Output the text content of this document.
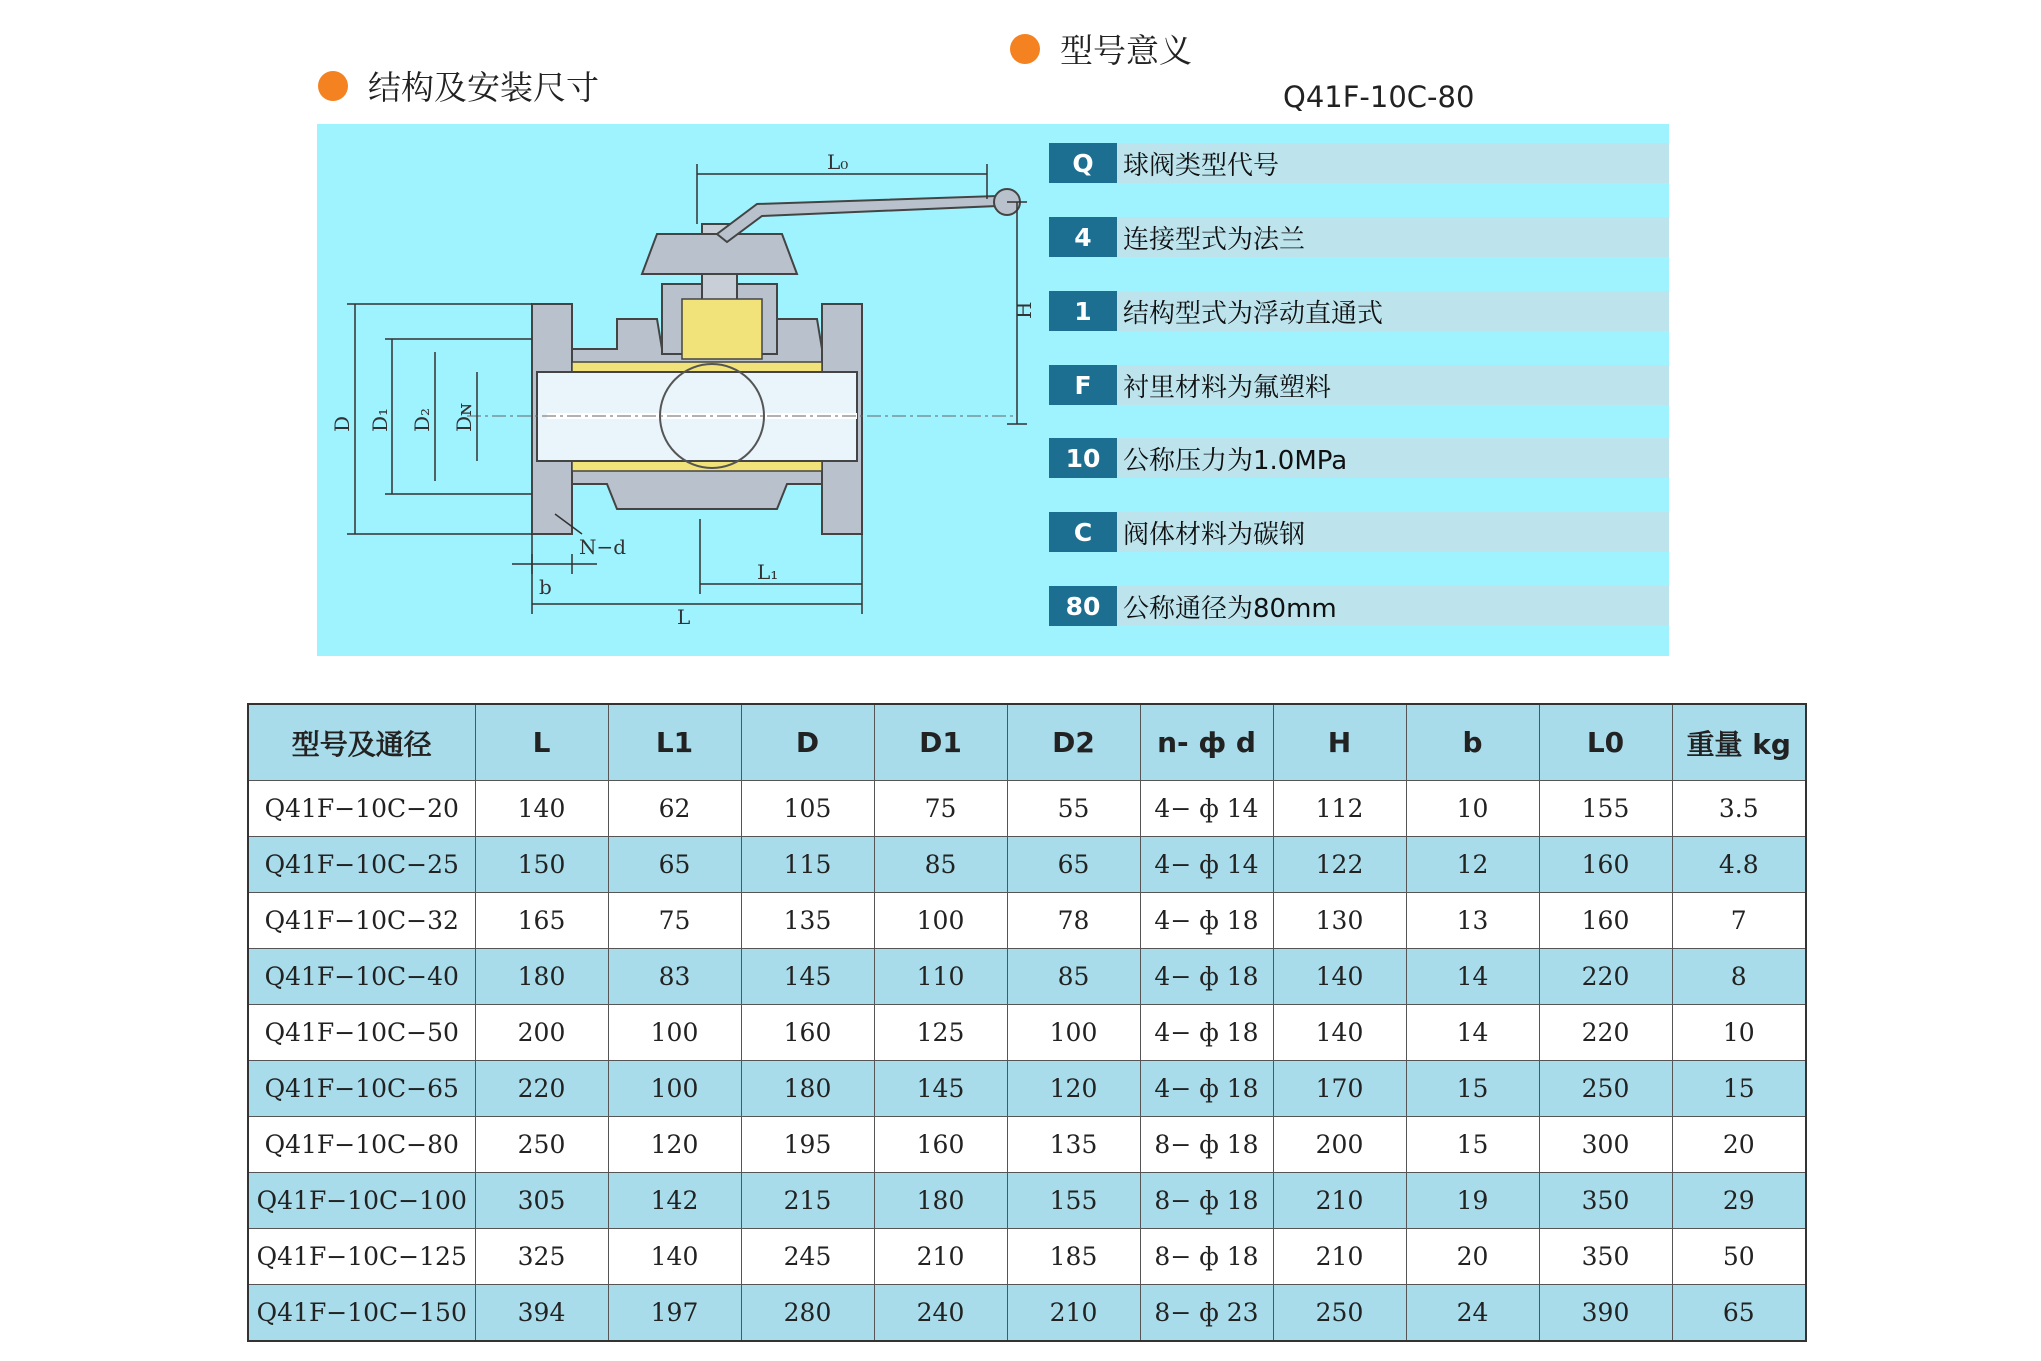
结构及安装尺寸
型号意义
Q41F-10C-80
L₀
H
D D₁ D₂ Dɴ
N−d
b
L₁
L
Q	球阀类型代号
4	连接型式为法兰
1	结构型式为浮动直通式
F	衬里材料为氟塑料
10 公称压力为1.0MPa
C	阀体材料为碳钢
80 公称通径为80mm
型号及通径	L	L1	D	D1	D2	n- ф d	H	b	L0	重量 kg
Q41F−10C−20	140	62	105	75	55	4− ф 14	112	10	155	3.5
Q41F−10C−25	150	65	115	85	65	4− ф 14	122	12	160	4.8
Q41F−10C−32	165	75	135	100	78	4− ф 18	130	13	160	7
Q41F−10C−40	180	83	145	110	85	4− ф 18	140	14	220	8
Q41F−10C−50	200	100	160	125	100	4− ф 18	140	14	220	10
Q41F−10C−65	220	100	180	145	120	4− ф 18	170	15	250	15
Q41F−10C−80	250	120	195	160	135	8− ф 18	200	15	300	20
Q41F−10C−100	305	142	215	180	155	8− ф 18	210	19	350	29
Q41F−10C−125	325	140	245	210	185	8− ф 18	210	20	350	50
Q41F−10C−150	394	197	280	240	210	8− ф 23	250	24	390	65
